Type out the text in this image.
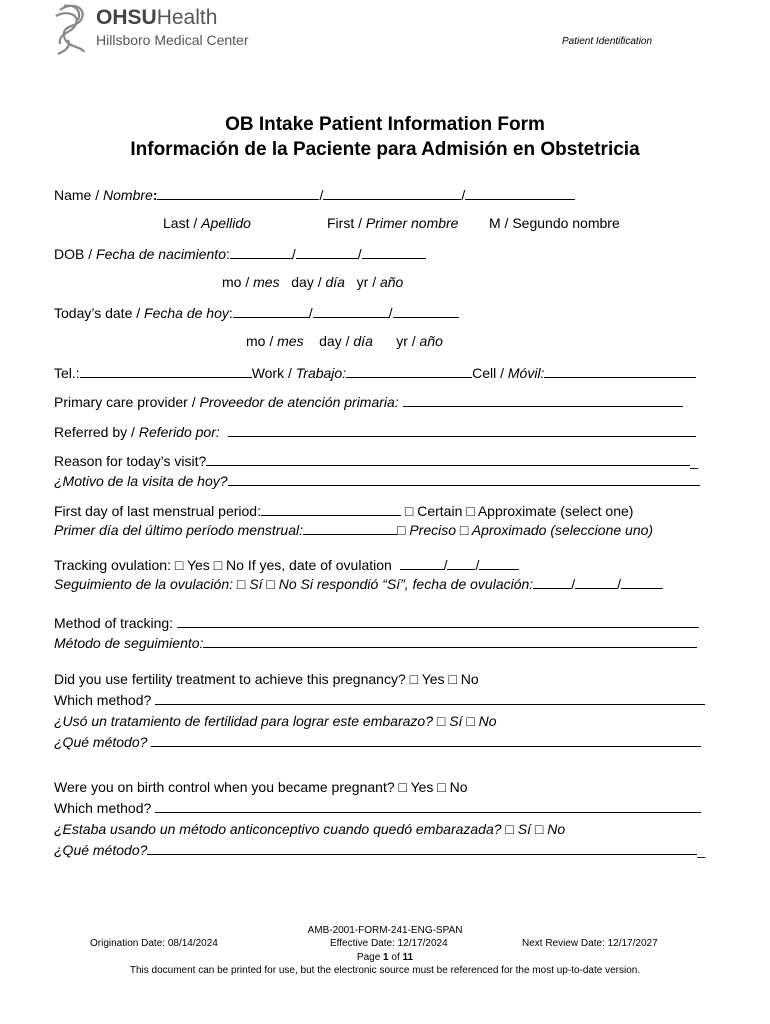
OHSUHealth
Hillsboro Medical Center	Patient Identification
OB Intake Patient Information Form
Información de la Paciente para Admisión en Obstetricia
Name / Nombre:	/	/
Last / Apellido	First / Primer nombre M / Segundo nombre
DOB / Fecha de nacimiento:	/	/
mo / mes day / día yr / año
Today’s date / Fecha de hoy:	/	/
mo / mes day / día yr / año
Tel.:	Work / Trabajo:	Cell / Móvil:
Primary care provider / Proveedor de atención primaria:
Referred by / Referido por:
Reason for today’s visit?	_
¿Motivo de la visita de hoy?
First day of last menstrual period:	□ Certain □ Approximate (select one)
Primer día del último período menstrual:	□ Preciso □ Aproximado (seleccione uno)
Tracking ovulation: □ Yes □ No If yes, date of ovulation	/ /
Seguimiento de la ovulación: □ Sí □ No Si respondió “Sí”, fecha de ovulación:	/	/
Method of tracking:
Método de seguimiento:
Did you use fertility treatment to achieve this pregnancy? □ Yes □ No
Which method?
¿Usó un tratamiento de fertilidad para lograr este embarazo? □ Sí □ No
¿Qué método?
Were you on birth control when you became pregnant? □ Yes □ No
Which method?
¿Estaba usando un método anticonceptivo cuando quedó embarazada? □ Sí □ No
¿Qué método?	_
AMB-2001-FORM-241-ENG-SPAN
Origination Date: 08/14/2024	Effective Date: 12/17/2024	Next Review Date: 12/17/2027
Page 1 of 11
This document can be printed for use, but the electronic source must be referenced for the most up-to-date version.
